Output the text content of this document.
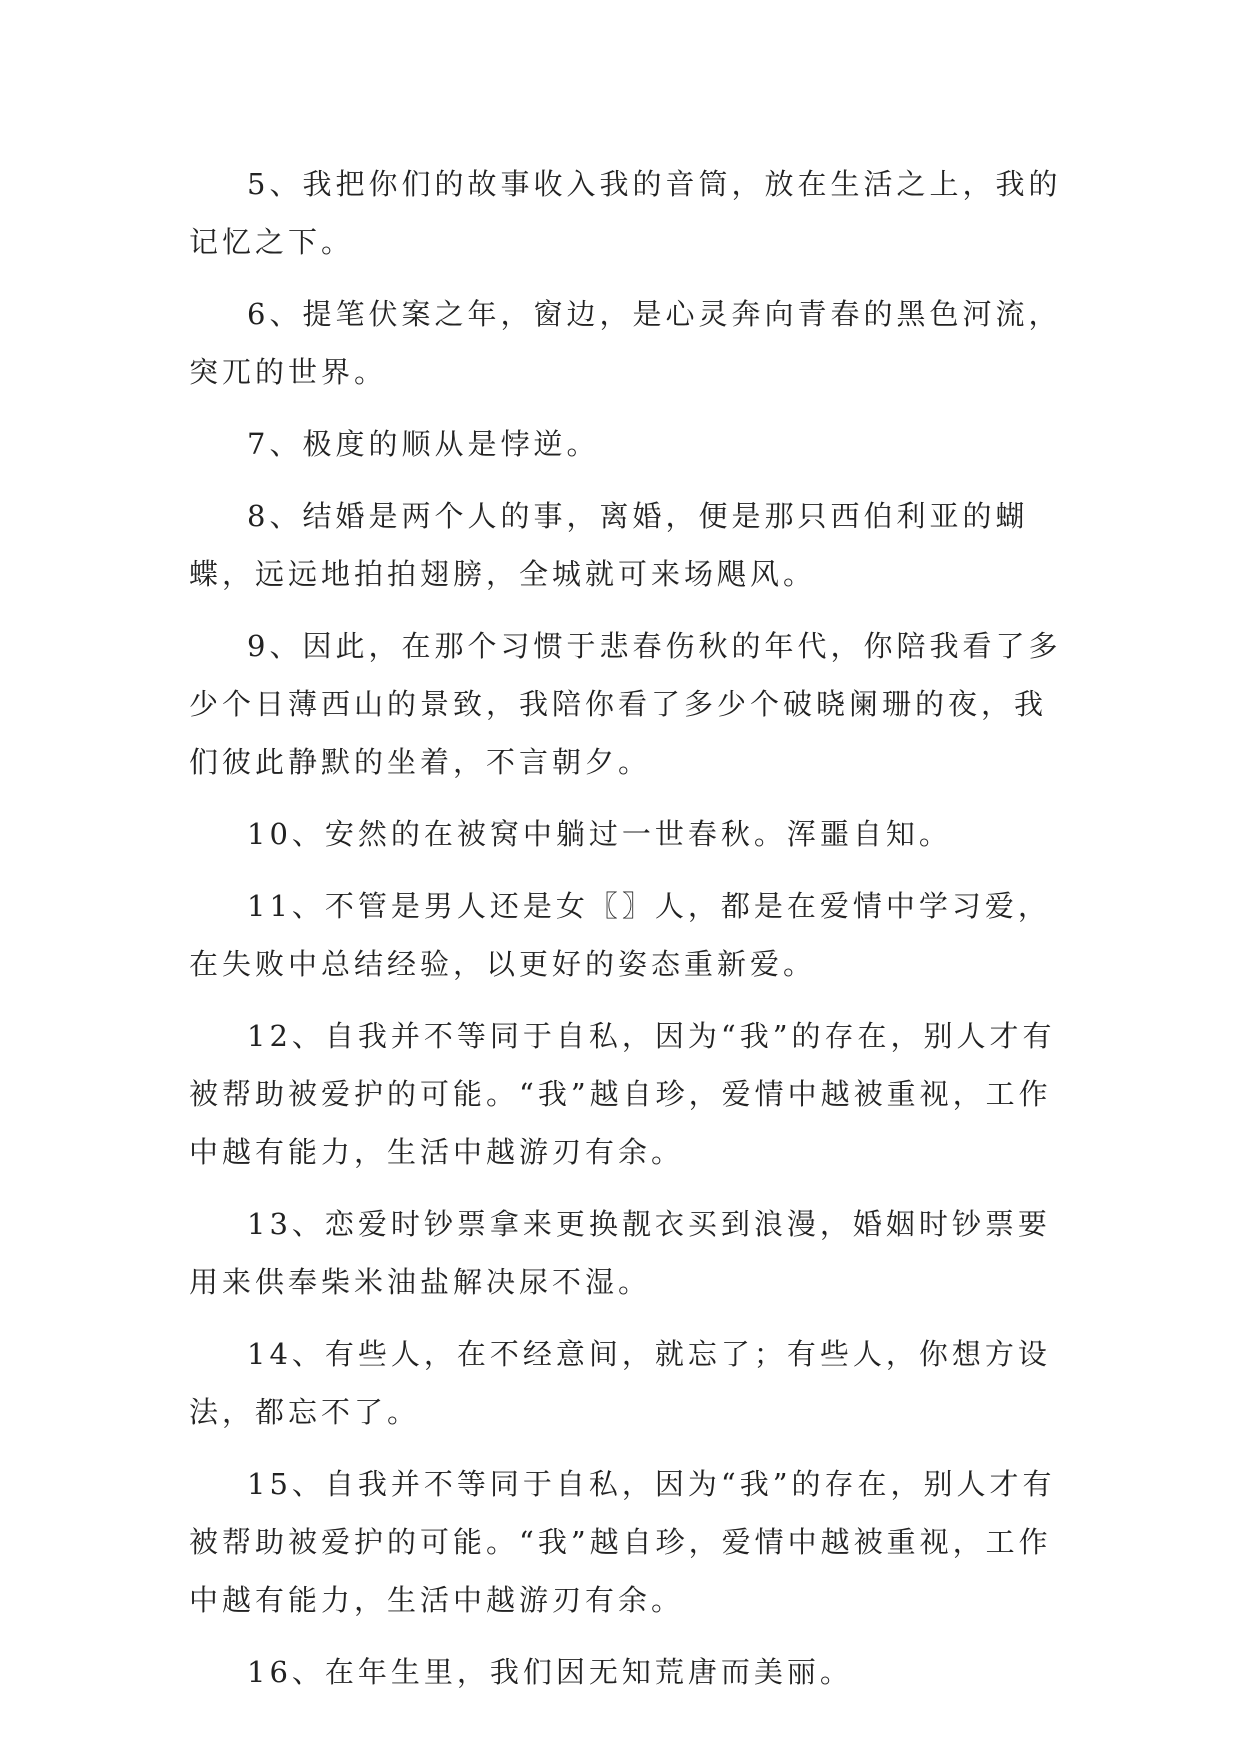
5、我把你们的故事收入我的音筒，放在生活之上，我的记忆之下。

6、提笔伏案之年，窗边，是心灵奔向青春的黑色河流，突兀的世界。

7、极度的顺从是悖逆。

8、结婚是两个人的事，离婚，便是那只西伯利亚的蝴蝶，远远地拍拍翅膀，全城就可来场飓风。

9、因此，在那个习惯于悲春伤秋的年代，你陪我看了多少个日薄西山的景致，我陪你看了多少个破晓阑珊的夜，我们彼此静默的坐着，不言朝夕。

10、安然的在被窝中躺过一世春秋。浑噩自知。

11、不管是男人还是女〖〗人，都是在爱情中学习爱，在失败中总结经验，以更好的姿态重新爱。

12、自我并不等同于自私，因为“我”的存在，别人才有被帮助被爱护的可能。“我”越自珍，爱情中越被重视，工作中越有能力，生活中越游刃有余。

13、恋爱时钞票拿来更换靓衣买到浪漫，婚姻时钞票要用来供奉柴米油盐解决尿不湿。

14、有些人，在不经意间，就忘了；有些人，你想方设法，都忘不了。

15、自我并不等同于自私，因为“我”的存在，别人才有被帮助被爱护的可能。“我”越自珍，爱情中越被重视，工作中越有能力，生活中越游刃有余。

16、在年生里，我们因无知荒唐而美丽。
